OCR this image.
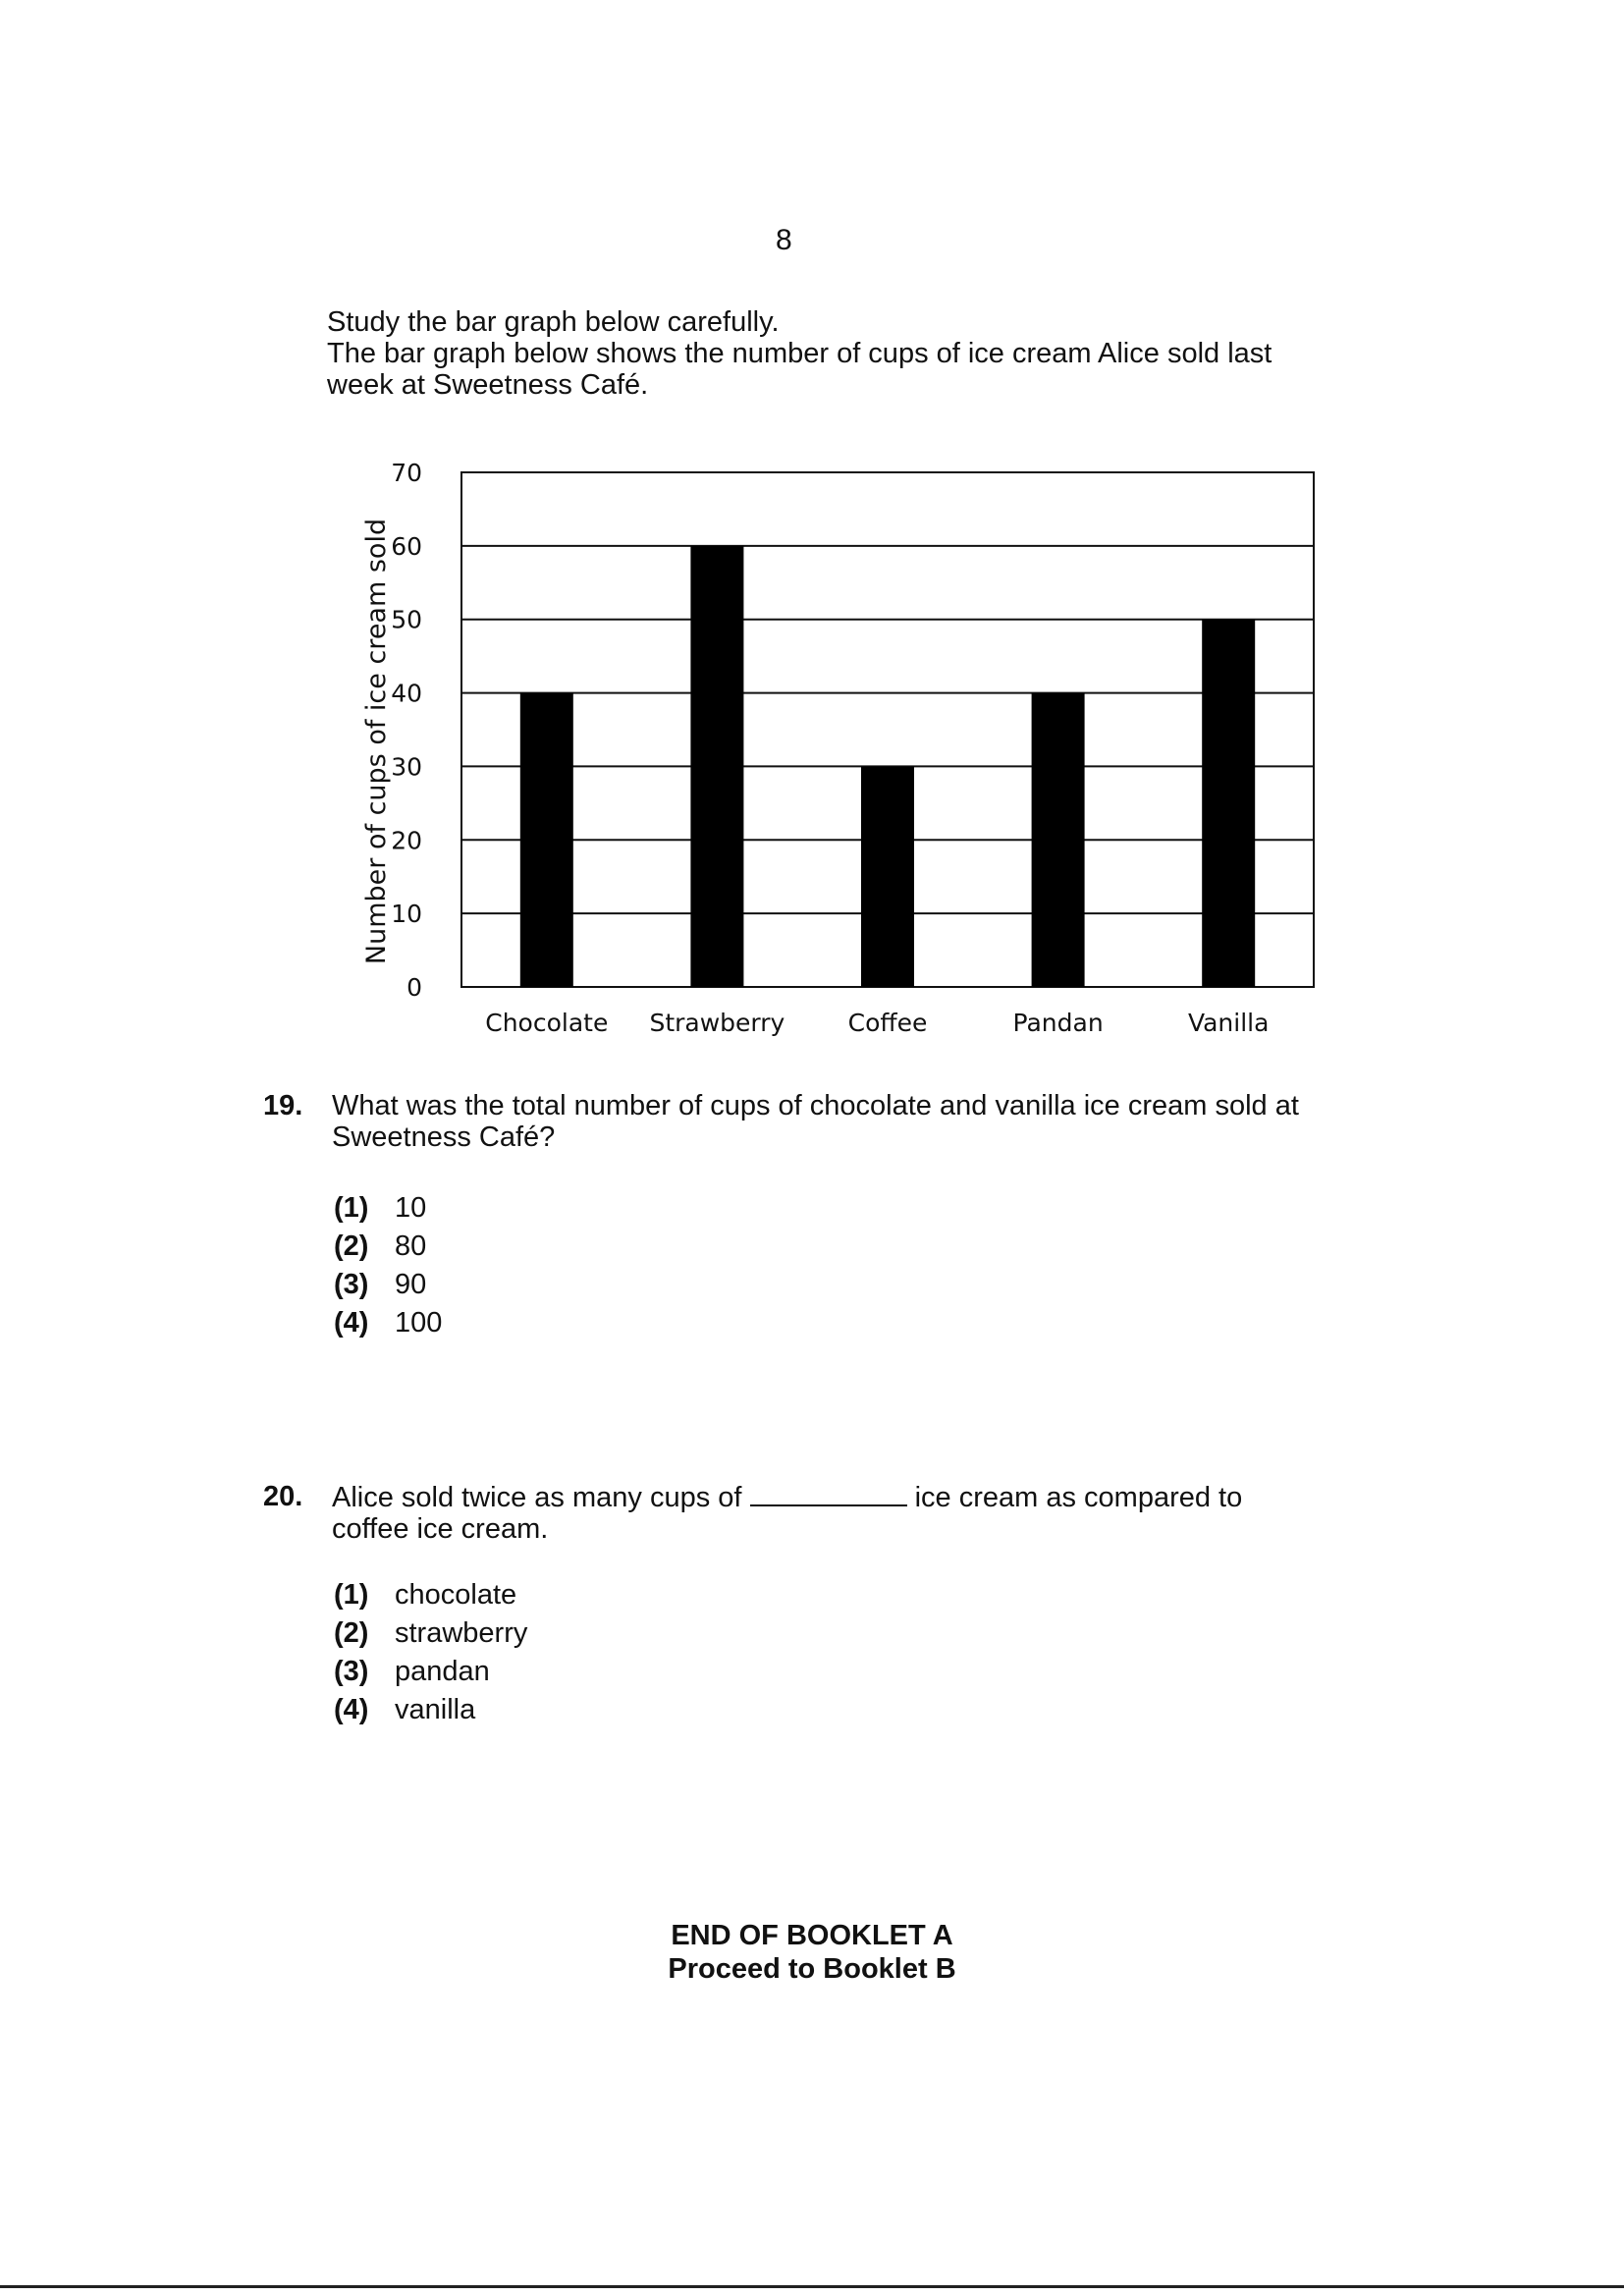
8

Study the bar graph below carefully.

The bar graph below shows the number of cups of ice cream Alice sold last week at Sweetness Café.

0
10
20
30
40
50
60
70
Chocolate Strawberry	Coffee	Pandan	Vanilla
Number of cups of ice cream sold
19. What was the total number of cups of chocolate and vanilla ice cream sold at Sweetness Café?
(1) 10
(2) 80
(3) 90
(4) 100
20. Alice sold twice as many cups of	ice cream as compared to coffee ice cream.
(1) chocolate
(2) strawberry
(3) pandan
(4) vanilla
END OF BOOKLET A
Proceed to Booklet B
